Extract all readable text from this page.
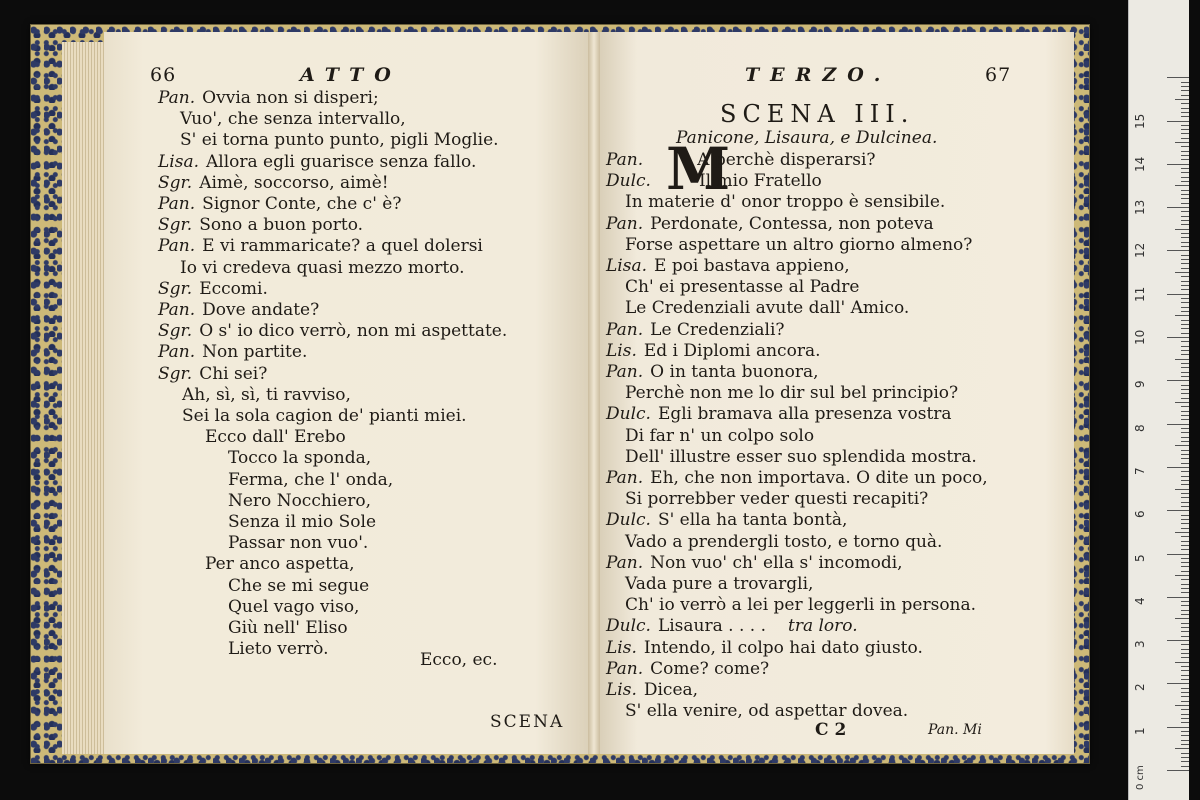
66	ATTO	TERZO.	67
SCENA III.
Panicone, Lisaura, e Dulcinea.
M
Pan. Ovvia non si disperi;
Vuo', che senza intervallo,
S' ei torna punto punto, pigli Moglie.
Lisa. Allora egli guarisce senza fallo.
Sgr. Aimè, soccorso, aimè!
Pan. Signor Conte, che c' è?
Sgr. Sono a buon porto.
Pan. E vi rammaricate? a quel dolersi
Io vi credeva quasi mezzo morto.
Sgr. Eccomi.
Pan. Dove andate?
Sgr. O s' io dico verrò, non mi aspettate.
Pan. Non partite.
Sgr. Chi sei?
Ah, sì, sì, ti ravviso,
Sei la sola cagion de' pianti miei.
Ecco dall' Erebo
Tocco la sponda,
Ferma, che l' onda,
Nero Nocchiero,
Senza il mio Sole
Passar non vuo'.
Per anco aspetta,
Che se mi segue
Quel vago viso,
Giù nell' Eliso
Lieto verrò.
Pan.	A perchè disperarsi?
Dulc.	Il mio Fratello
In materie d' onor troppo è sensibile.
Pan. Perdonate, Contessa, non poteva
Forse aspettare un altro giorno almeno?
Lisa. E poi bastava appieno,
Ch' ei presentasse al Padre
Le Credenziali avute dall' Amico.
Pan. Le Credenziali?
Lis. Ed i Diplomi ancora.
Pan. O in tanta buonora,
Perchè non me lo dir sul bel principio?
Dulc. Egli bramava alla presenza vostra
Di far n' un colpo solo
Dell' illustre esser suo splendida mostra.
Pan. Eh, che non importava. O dite un poco,
Si porrebber veder questi recapiti?
Dulc. S' ella ha tanta bontà,
Vado a prendergli tosto, e torno quà.
Pan. Non vuo' ch' ella s' incomodi,
Vada pure a trovargli,
Ch' io verrò a lei per leggerli in persona.
Dulc. Lisaura . . . . tra loro.
Lis. Intendo, il colpo hai dato giusto.
Pan. Come? come?
Lis. Dicea,
S' ella venire, od aspettar dovea.
Ecco, ec.
SCENA	C 2	Pan. Mi
0 cm
1
2
3
4
5
6
7
8
9
10
11
12
13
14
15
